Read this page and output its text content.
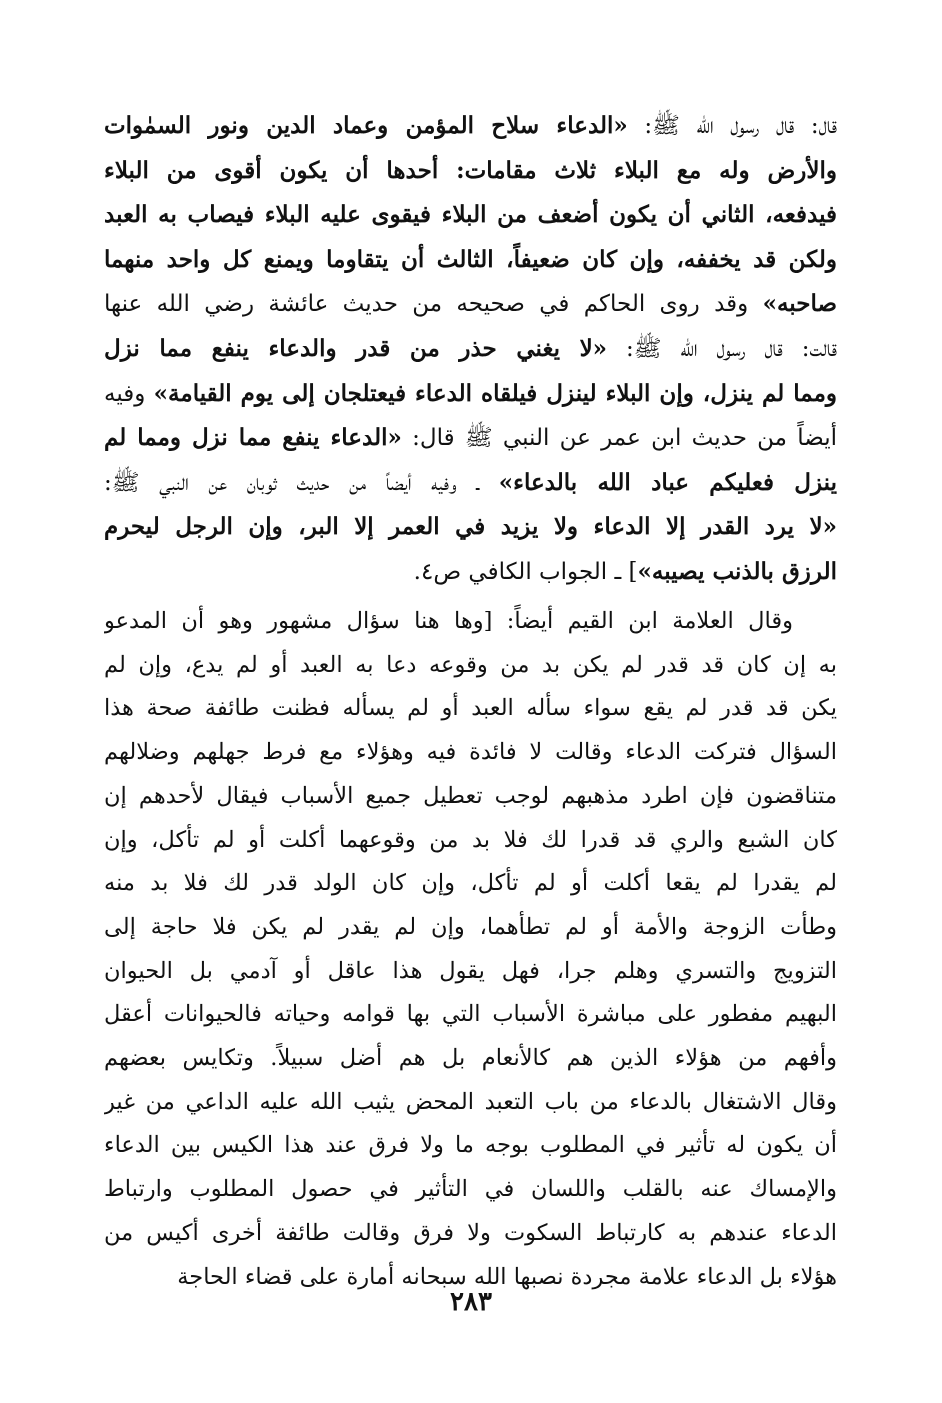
قال: قال رسول الله ﷺ: «الدعاء سلاح المؤمن وعماد الدين ونور السمٰوات
والأرض وله مع البلاء ثلاث مقامات: أحدها أن يكون أقوى من البلاء
فيدفعه، الثاني أن يكون أضعف من البلاء فيقوى عليه البلاء فيصاب به العبد
ولكن قد يخففه، وإن كان ضعيفاً، الثالث أن يتقاوما ويمنع كل واحد منهما
صاحبه» وقد روى الحاكم في صحيحه من حديث عائشة رضي الله عنها
قالت: قال رسول الله ﷺ: «لا يغني حذر من قدر والدعاء ينفع مما نزل
ومما لم ينزل، وإن البلاء لينزل فيلقاه الدعاء فيعتلجان إلى يوم القيامة» وفيه
أيضاً من حديث ابن عمر عن النبي ﷺ قال: «الدعاء ينفع مما نزل ومما لم
ينزل فعليكم عباد الله بالدعاء» ـ وفيه أيضاً من حديث ثوبان عن النبي ﷺ:
«لا يرد القدر إلا الدعاء ولا يزيد في العمر إلا البر، وإن الرجل ليحرم
الرزق بالذنب يصيبه»] ـ الجواب الكافي ص٤.
وقال العلامة ابن القيم أيضاً: [وها هنا سؤال مشهور وهو أن المدعو
به إن كان قد قدر لم يكن بد من وقوعه دعا به العبد أو لم يدع، وإن لم
يكن قد قدر لم يقع سواء سأله العبد أو لم يسأله فظنت طائفة صحة هذا
السؤال فتركت الدعاء وقالت لا فائدة فيه وهؤلاء مع فرط جهلهم وضلالهم
متناقضون فإن اطرد مذهبهم لوجب تعطيل جميع الأسباب فيقال لأحدهم إن
كان الشبع والري قد قدرا لك فلا بد من وقوعهما أكلت أو لم تأكل، وإن
لم يقدرا لم يقعا أكلت أو لم تأكل، وإن كان الولد قدر لك فلا بد منه
وطأت الزوجة والأمة أو لم تطأهما، وإن لم يقدر لم يكن فلا حاجة إلى
التزويج والتسري وهلم جرا، فهل يقول هذا عاقل أو آدمي بل الحيوان
البهيم مفطور على مباشرة الأسباب التي بها قوامه وحياته فالحيوانات أعقل
وأفهم من هؤلاء الذين هم كالأنعام بل هم أضل سبيلاً. وتكايس بعضهم
وقال الاشتغال بالدعاء من باب التعبد المحض يثيب الله عليه الداعي من غير
أن يكون له تأثير في المطلوب بوجه ما ولا فرق عند هذا الكيس بين الدعاء
والإمساك عنه بالقلب واللسان في التأثير في حصول المطلوب وارتباط
الدعاء عندهم به كارتباط السكوت ولا فرق وقالت طائفة أخرى أكيس من
هؤلاء بل الدعاء علامة مجردة نصبها الله سبحانه أمارة على قضاء الحاجة
٢٨٣
